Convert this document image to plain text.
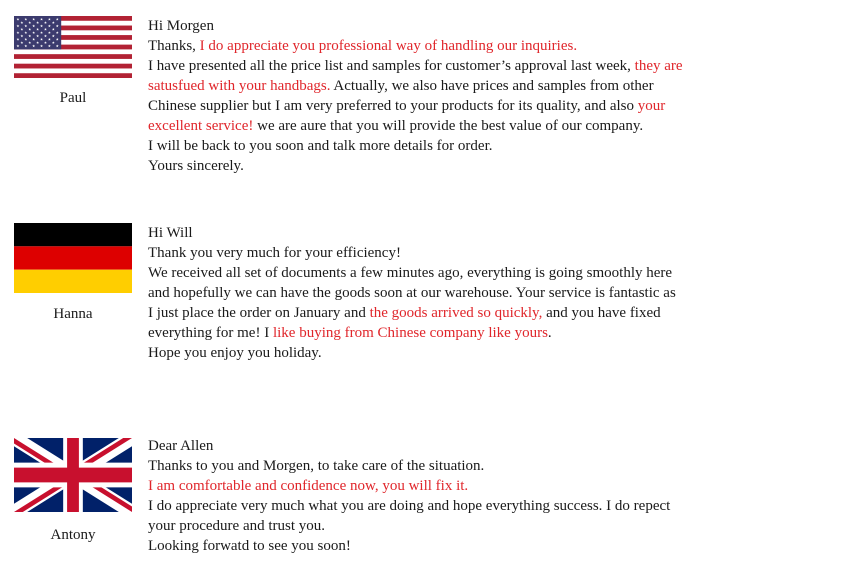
Paul
Hi Morgen
Thanks, I do appreciate you professional way of handling our inquiries.
I have presented all the price list and samples for customer’s approval last week, they are
satusfued with your handbags. Actually, we also have prices and samples from other
Chinese supplier but I am very preferred to your products for its quality, and also your
excellent service! we are aure that you will provide the best value of our company.
I will be back to you soon and talk more details for order.
Yours sincerely.
Hanna
Hi Will
Thank you very much for your efficiency!
We received all set of documents a few minutes ago, everything is going smoothly here
and hopefully we can have the goods soon at our warehouse. Your service is fantastic as
I just place the order on January and the goods arrived so quickly, and you have fixed
everything for me! I like buying from Chinese company like yours.
Hope you enjoy you holiday.
Antony
Dear Allen
Thanks to you and Morgen, to take care of the situation.
I am comfortable and confidence now, you will fix it.
I do appreciate very much what you are doing and hope everything success. I do repect
your procedure and trust you.
Looking forwatd to see you soon!
